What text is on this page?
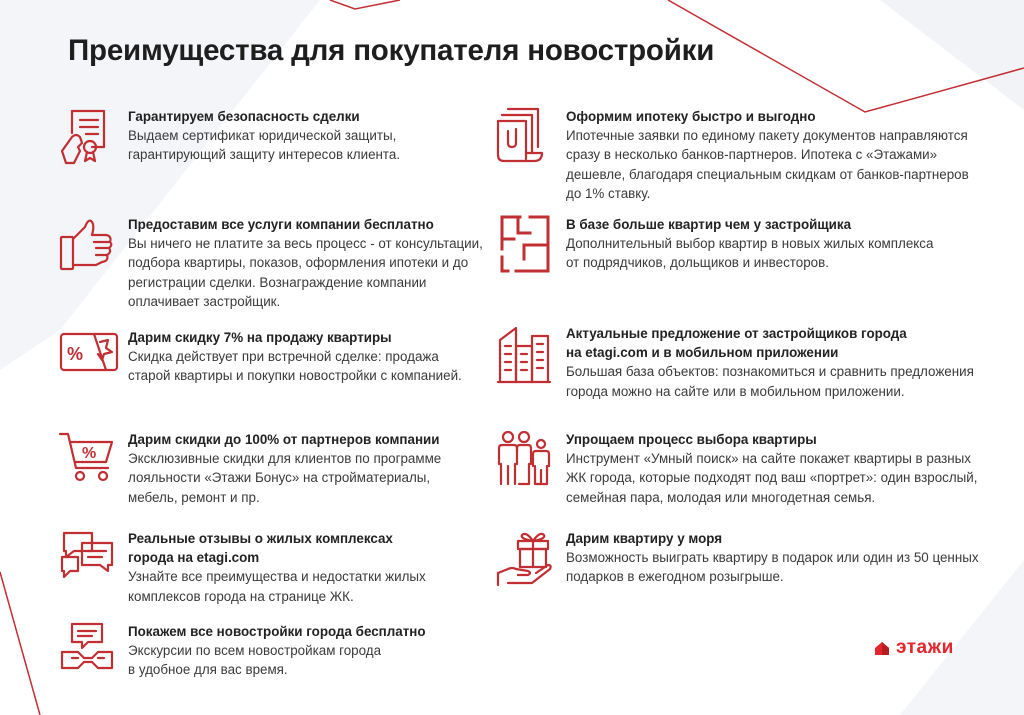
Преимущества для покупателя новостройки
Гарантируем безопасность сделки
Выдаем сертификат юридической защиты,
гарантирующий защиту интересов клиента.
Предоставим все услуги компании бесплатно
Вы ничего не платите за весь процесс - от консультации,
подбора квартиры, показов, оформления ипотеки и до
регистрации сделки. Вознаграждение компании
оплачивает застройщик.
%
Дарим скидку 7% на продажу квартиры
Скидка действует при встречной сделке: продажа
старой квартиры и покупки новостройки с компанией.
%
Дарим скидки до 100% от партнеров компании
Эксклюзивные скидки для клиентов по программе
лояльности «Этажи Бонус» на стройматериалы,
мебель, ремонт и пр.
Реальные отзывы о жилых комплексах
города на etagi.com
Узнайте все преимущества и недостатки жилых
комплексов города на странице ЖК.
Покажем все новостройки города бесплатно
Экскурсии по всем новостройкам города
в удобное для вас время.
Оформим ипотеку быстро и выгодно
Ипотечные заявки по единому пакету документов направляются
сразу в несколько банков-партнеров. Ипотека с «Этажами»
дешевле, благодаря специальным скидкам от банков-партнеров
до 1% ставку.
В базе больше квартир чем у застройщика
Дополнительный выбор квартир в новых жилых комплекса
от подрядчиков, дольщиков и инвесторов.
Актуальные предложение от застройщиков города
на etagi.com и в мобильном приложении
Большая база объектов: познакомиться и сравнить предложения
города можно на сайте или в мобильном приложении.
Упрощаем процесс выбора квартиры
Инструмент «Умный поиск» на сайте покажет квартиры в разных
ЖК города, которые подходят под ваш «портрет»: один взрослый,
семейная пара, молодая или многодетная семья.
Дарим квартиру у моря
Возможность выиграть квартиру в подарок или один из 50 ценных
подарков в ежегодном розыгрыше.
этажи
